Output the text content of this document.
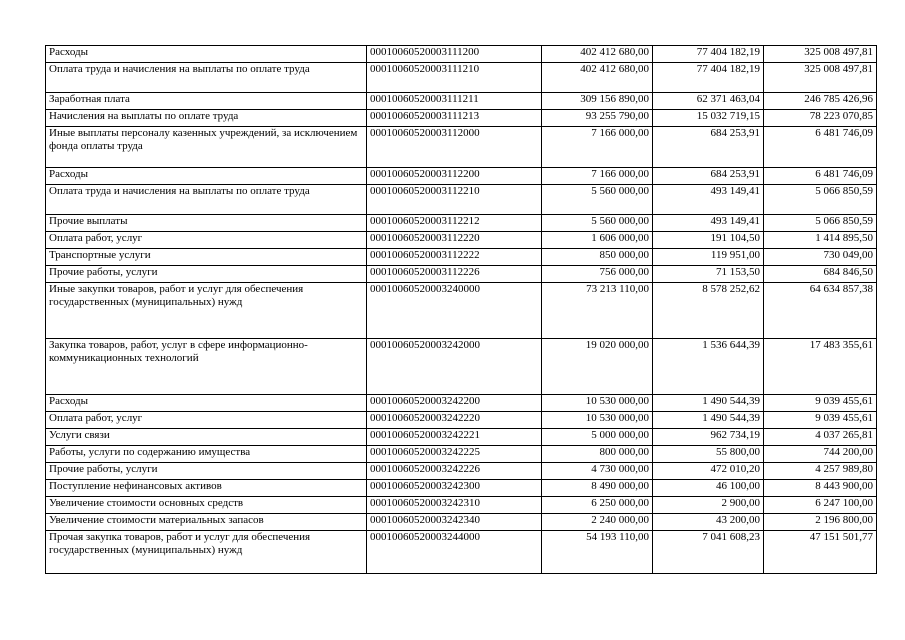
Расходы	00010060520003111200	402 412 680,00	77 404 182,19	325 008 497,81
Оплата труда и начисления на выплаты по оплате труда	00010060520003111210	402 412 680,00	77 404 182,19	325 008 497,81
Заработная плата	00010060520003111211	309 156 890,00	62 371 463,04	246 785 426,96
Начисления на выплаты по оплате труда	00010060520003111213	93 255 790,00	15 032 719,15	78 223 070,85
Иные выплаты персоналу казенных учреждений, за исключением фонда оплаты труда	00010060520003112000	7 166 000,00	684 253,91	6 481 746,09
Расходы	00010060520003112200	7 166 000,00	684 253,91	6 481 746,09
Оплата труда и начисления на выплаты по оплате труда	00010060520003112210	5 560 000,00	493 149,41	5 066 850,59
Прочие выплаты	00010060520003112212	5 560 000,00	493 149,41	5 066 850,59
Оплата работ, услуг	00010060520003112220	1 606 000,00	191 104,50	1 414 895,50
Транспортные услуги	00010060520003112222	850 000,00	119 951,00	730 049,00
Прочие работы, услуги	00010060520003112226	756 000,00	71 153,50	684 846,50
Иные закупки товаров, работ и услуг для обеспечения государственных (муниципальных) нужд	00010060520003240000	73 213 110,00	8 578 252,62	64 634 857,38
Закупка товаров, работ, услуг в сфере информационно-коммуникационных технологий	00010060520003242000	19 020 000,00	1 536 644,39	17 483 355,61
Расходы	00010060520003242200	10 530 000,00	1 490 544,39	9 039 455,61
Оплата работ, услуг	00010060520003242220	10 530 000,00	1 490 544,39	9 039 455,61
Услуги связи	00010060520003242221	5 000 000,00	962 734,19	4 037 265,81
Работы, услуги по содержанию имущества	00010060520003242225	800 000,00	55 800,00	744 200,00
Прочие работы, услуги	00010060520003242226	4 730 000,00	472 010,20	4 257 989,80
Поступление нефинансовых активов	00010060520003242300	8 490 000,00	46 100,00	8 443 900,00
Увеличение стоимости основных средств	00010060520003242310	6 250 000,00	2 900,00	6 247 100,00
Увеличение стоимости материальных запасов	00010060520003242340	2 240 000,00	43 200,00	2 196 800,00
Прочая закупка товаров, работ и услуг для обеспечения государственных (муниципальных) нужд	00010060520003244000	54 193 110,00	7 041 608,23	47 151 501,77
